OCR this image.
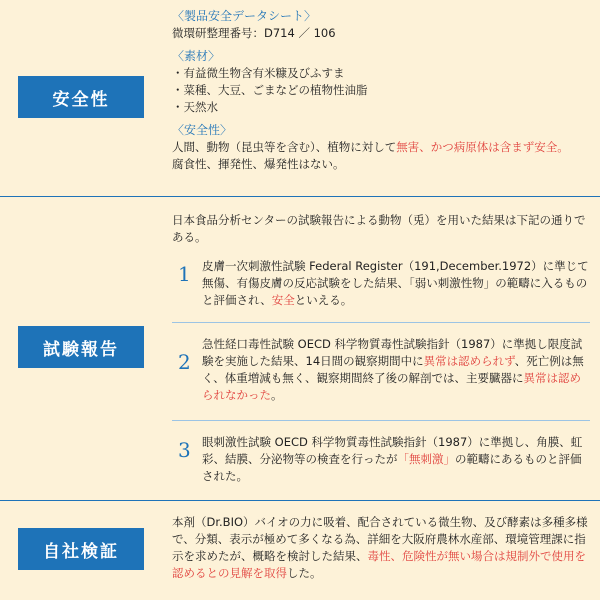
安全性

〈製品安全データシート〉

微環研整理番号：D714 ／ 106

〈素材〉

・有益微生物含有米糠及びふすま

・菜種、大豆、ごまなどの植物性油脂

・天然水

〈安全性〉

人間、動物（昆虫等を含む）、植物に対して無害、かつ病原体は含まず安全。

腐食性、揮発性、爆発性はない。

試験報告

日本食品分析センターの試験報告による動物（兎）を用いた結果は下記の通りである。

1 皮膚一次刺激性試験 Federal Register（191,December.1972）に準じて無傷、有傷皮膚の反応試験をした結果、「弱い刺激性物」の範疇に入るものと評価され、安全といえる。

2

急性経口毒性試験 OECD 科学物質毒性試験指針（1987）に準拠し限度試験を実施した結果、14日間の観察期間中に異常は認められず、死亡例は無く、体重増減も無く、観察期間終了後の解剖では、主要臓器に異常は認められなかった。

3 眼刺激性試験 OECD 科学物質毒性試験指針（1987）に準拠し、角膜、虹彩、結膜、分泌物等の検査を行ったが「無刺激」の範疇にあるものと評価された。

自社検証

本剤（Dr.BIO）バイオの力に吸着、配合されている微生物、及び酵素は多種多様で、分類、表示が極めて多くなる為、詳細を大阪府農林水産部、環境管理課に指示を求めたが、概略を検討した結果、毒性、危険性が無い場合は規制外で使用を認めるとの見解を取得した。
